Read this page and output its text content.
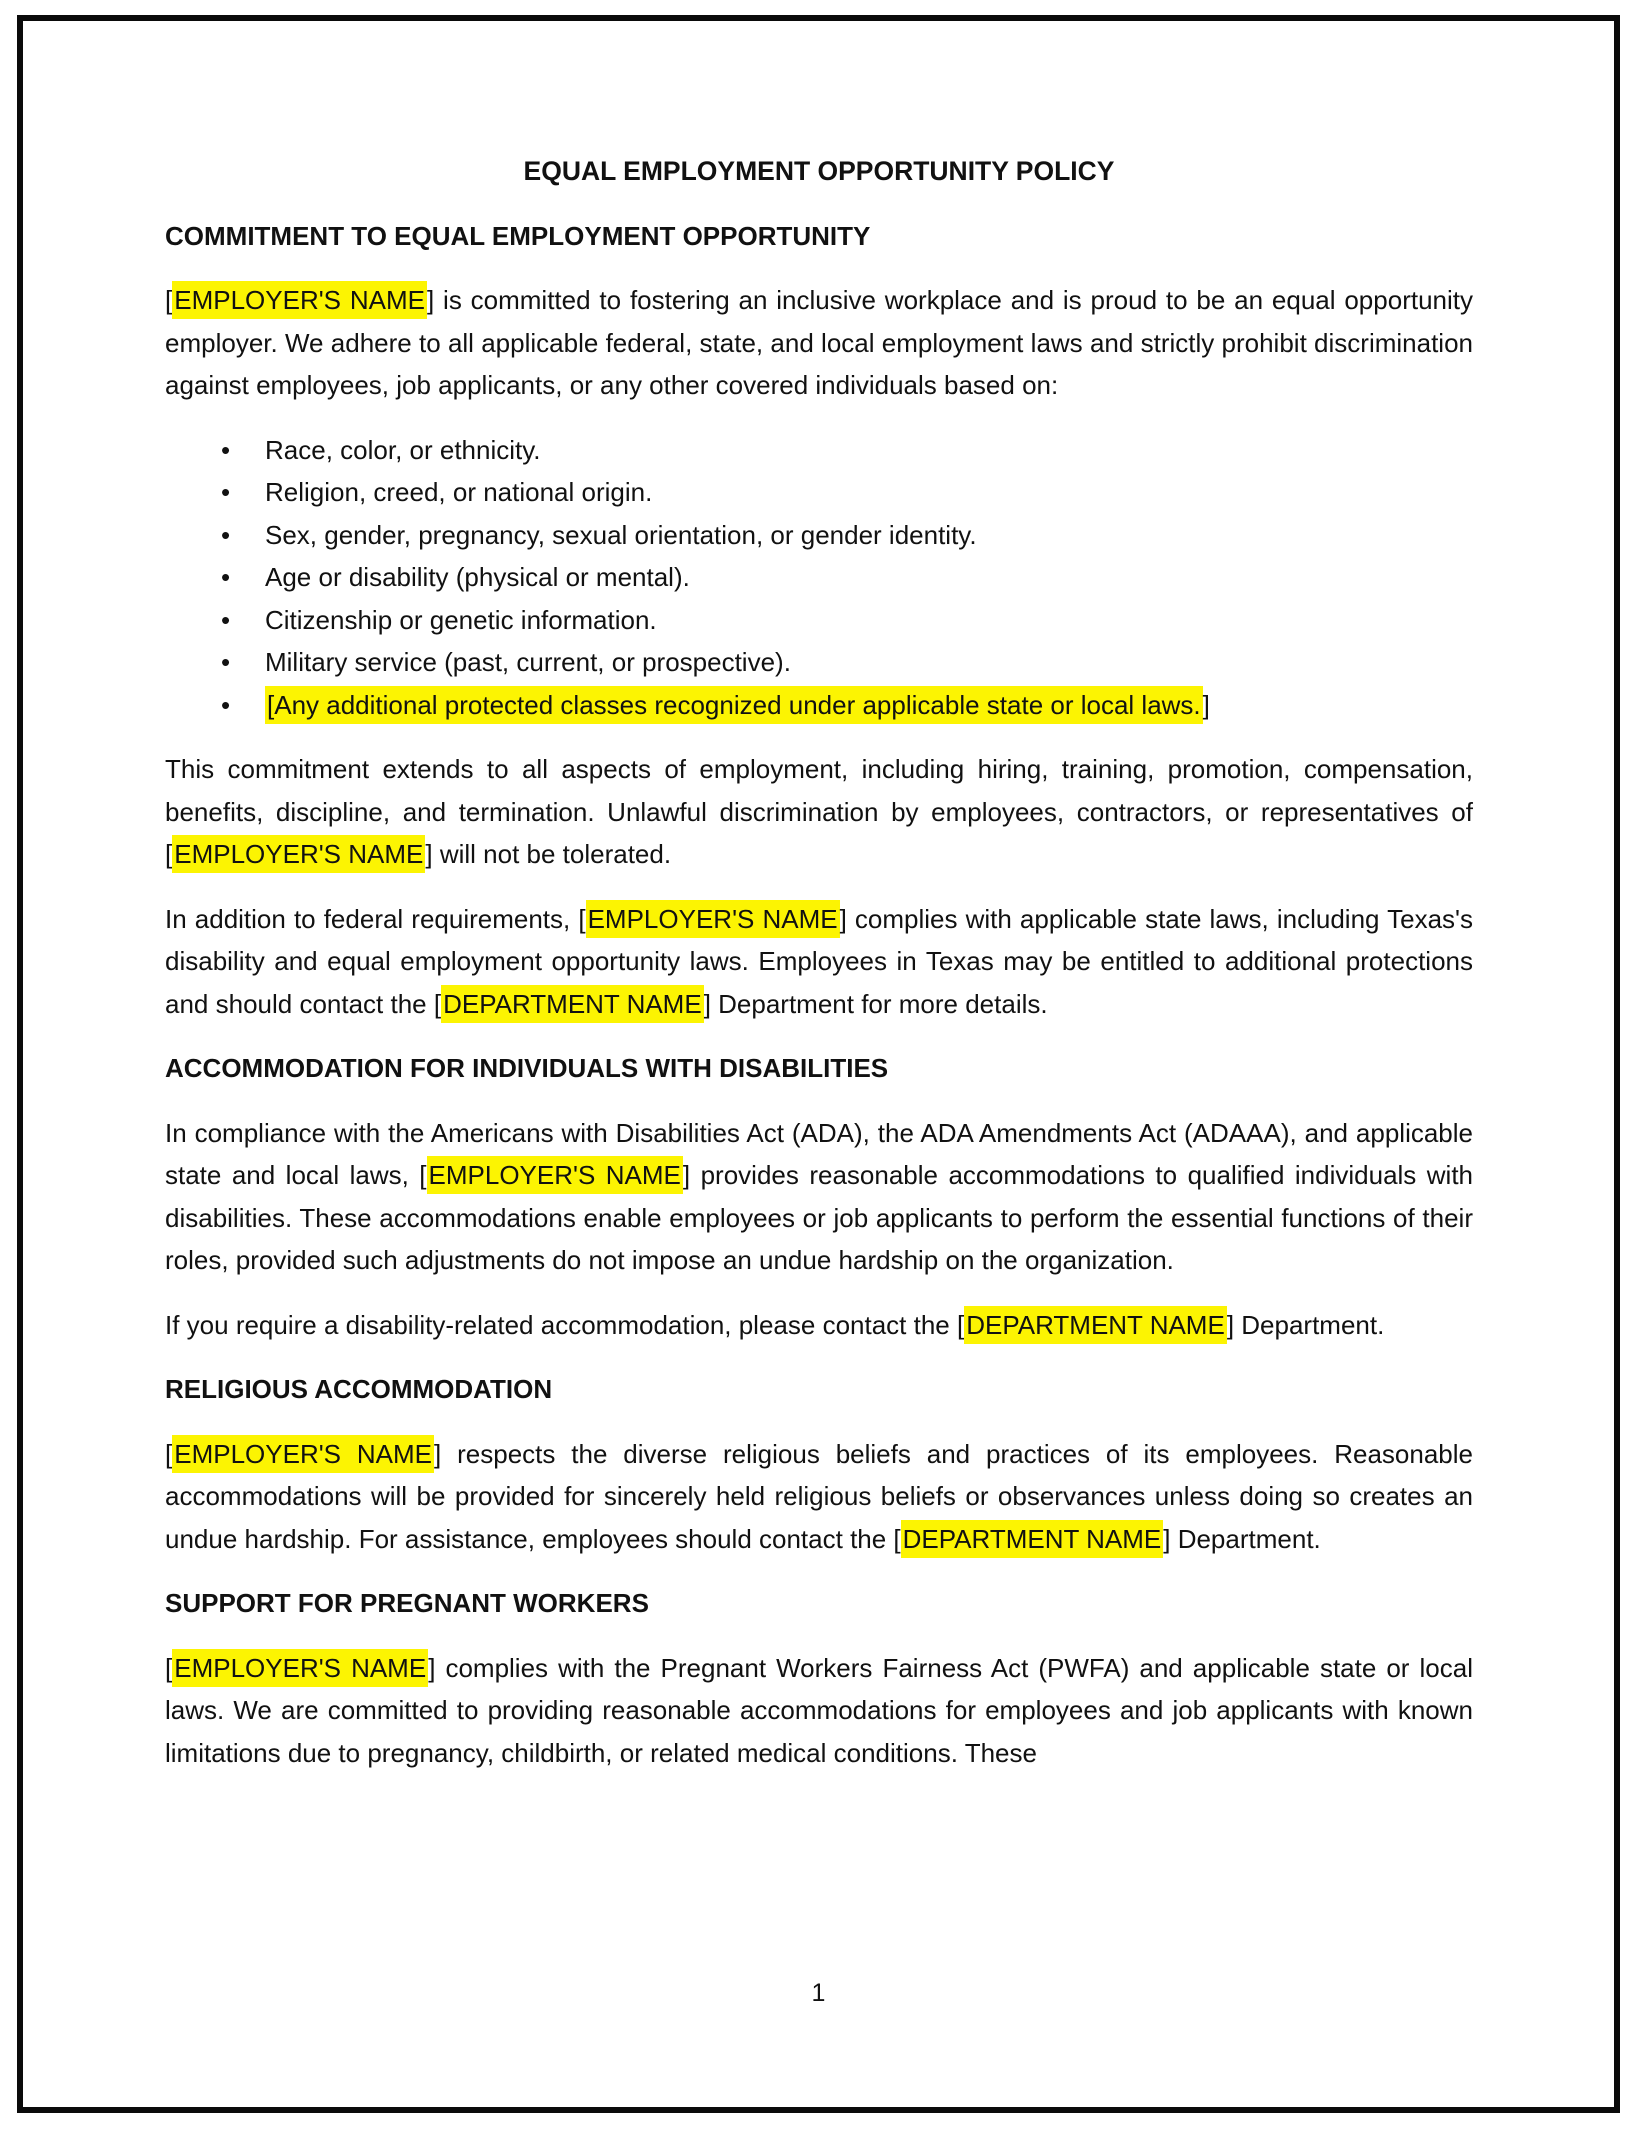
EQUAL EMPLOYMENT OPPORTUNITY POLICY
COMMITMENT TO EQUAL EMPLOYMENT OPPORTUNITY

[EMPLOYER'S NAME] is committed to fostering an inclusive workplace and is proud to be an equal opportunity employer. We adhere to all applicable federal, state, and local employment laws and strictly prohibit discrimination against employees, job applicants, or any other covered individuals based on:

• Race, color, or ethnicity.
• Religion, creed, or national origin.
• Sex, gender, pregnancy, sexual orientation, or gender identity.
• Age or disability (physical or mental).
• Citizenship or genetic information.
• Military service (past, current, or prospective).
• [Any additional protected classes recognized under applicable state or local laws.]

This commitment extends to all aspects of employment, including hiring, training, promotion, compensation, benefits, discipline, and termination. Unlawful discrimination by employees, contractors, or representatives of [EMPLOYER'S NAME] will not be tolerated.

In addition to federal requirements, [EMPLOYER'S NAME] complies with applicable state laws, including Texas's disability and equal employment opportunity laws. Employees in Texas may be entitled to additional protections and should contact the [DEPARTMENT NAME] Department for more details.

ACCOMMODATION FOR INDIVIDUALS WITH DISABILITIES

In compliance with the Americans with Disabilities Act (ADA), the ADA Amendments Act (ADAAA), and applicable state and local laws, [EMPLOYER'S NAME] provides reasonable accommodations to qualified individuals with disabilities. These accommodations enable employees or job applicants to perform the essential functions of their roles, provided such adjustments do not impose an undue hardship on the organization.

If you require a disability-related accommodation, please contact the [DEPARTMENT NAME] Department.

RELIGIOUS ACCOMMODATION

[EMPLOYER'S NAME] respects the diverse religious beliefs and practices of its employees. Reasonable accommodations will be provided for sincerely held religious beliefs or observances unless doing so creates an undue hardship. For assistance, employees should contact the [DEPARTMENT NAME] Department.

SUPPORT FOR PREGNANT WORKERS

[EMPLOYER'S NAME] complies with the Pregnant Workers Fairness Act (PWFA) and applicable state or local laws. We are committed to providing reasonable accommodations for employees and job applicants with known limitations due to pregnancy, childbirth, or related medical conditions. These

1
